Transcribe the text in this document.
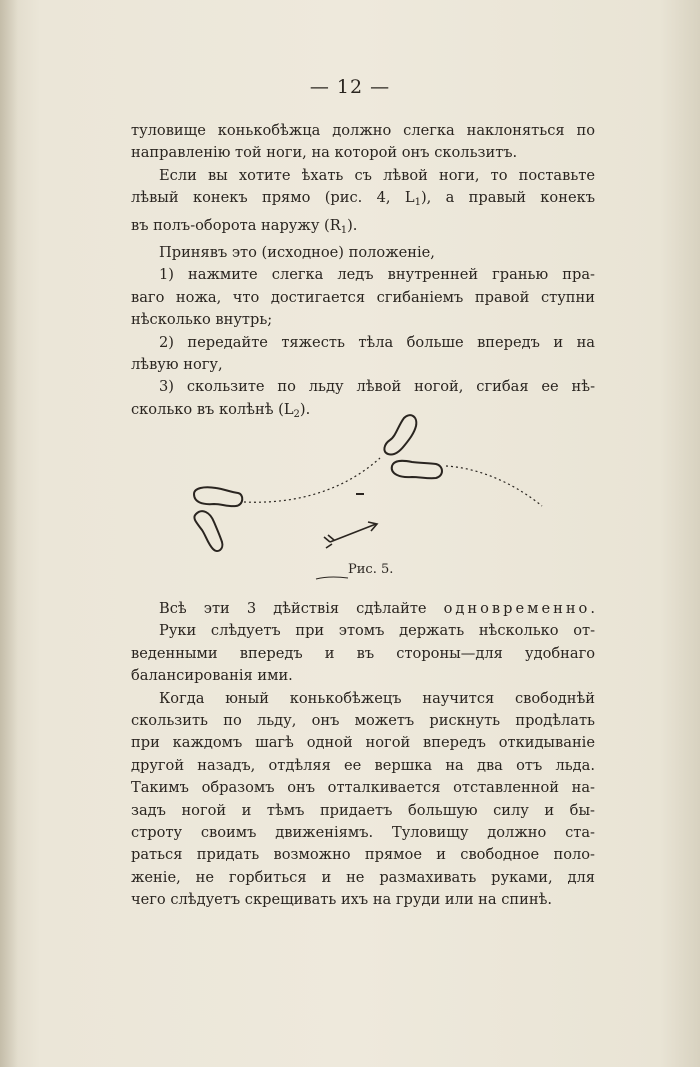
— 12 —

туловище конькобѣжца должно слегка наклоняться по

направленію той ноги, на которой онъ скользитъ.

Если вы хотите ѣхать съ лѣвой ноги, то поставьте

лѣвый конекъ прямо (рис. 4, $L_1$), а правый конекъ

въ полъ-оборота наружу $(R_1)$.

Принявъ это (исходное) положеніе,

1) нажмите слегка ледъ внутренней гранью пра-

ваго ножа, что достигается сгибаніемъ правой ступни

нѣсколько внутрь;

2) передайте тяжесть тѣла больше впередъ и на

лѣвую ногу,

3) скользите по льду лѣвой ногой, сгибая ее нѣ-

сколько въ колѣнѣ $(L_2)$.

Рис. 5.

Всѣ эти 3 дѣйствія сдѣлайте одновременно.

Руки слѣдуетъ при этомъ держать нѣсколько от-

веденными впередъ и въ стороны—для удобнаго

балансированія ими.

Когда юный конькобѣжецъ научится свободнѣй

скользить по льду, онъ можетъ рискнуть продѣлать

при каждомъ шагѣ одной ногой впередъ откидываніе

другой назадъ, отдѣляя ее вершка на два отъ льда.

Такимъ образомъ онъ отталкивается отставленной на-

задъ ногой и тѣмъ придаетъ большую силу и бы-

строту своимъ движеніямъ. Туловищу должно ста-

раться придать возможно прямое и свободное поло-

женіе, не горбиться и не размахивать руками, для

чего слѣдуетъ скрещивать ихъ на груди или на спинѣ.
